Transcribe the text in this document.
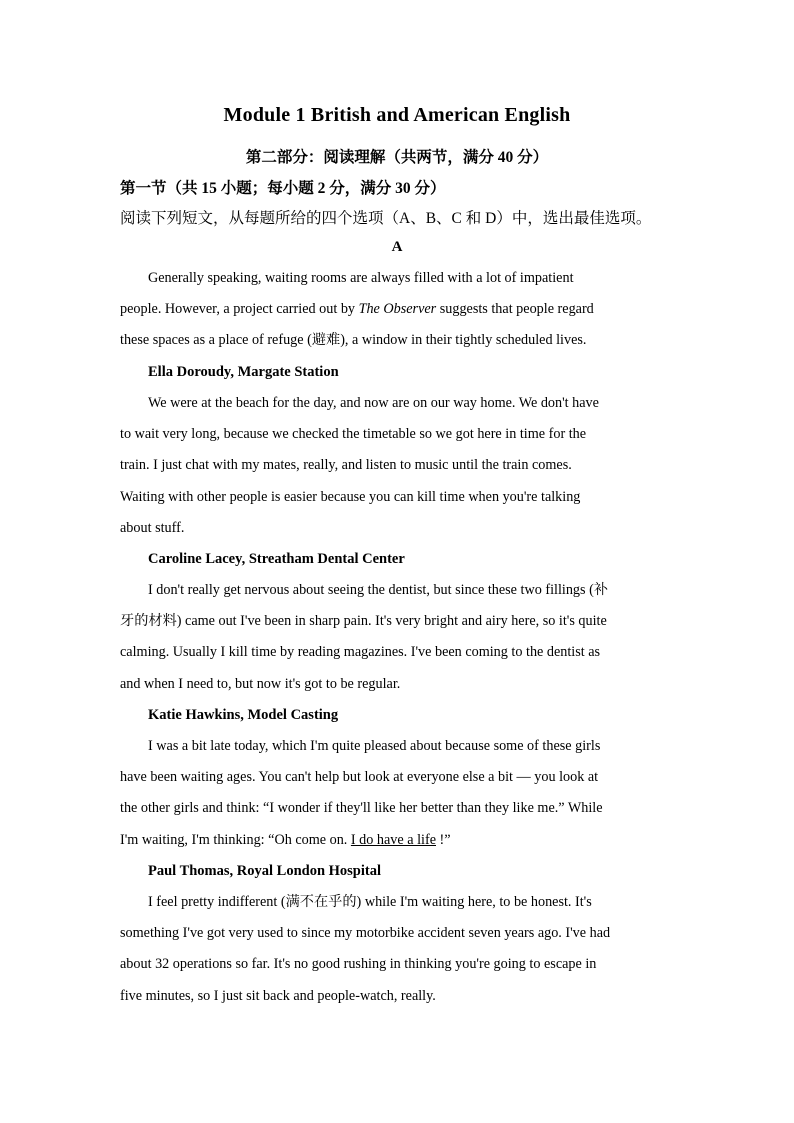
Module 1 British and American English
第二部分：阅读理解（共两节，满分 40 分）
第一节（共 15 小题；每小题 2 分，满分 30 分）
阅读下列短文，从每题所给的四个选项（A、B、C 和 D）中，选出最佳选项。
A
Generally speaking, waiting rooms are always filled with a lot of impatient
people. However, a project carried out by The Observer suggests that people regard
these spaces as a place of refuge (避难), a window in their tightly scheduled lives.
Ella Doroudy, Margate Station
We were at the beach for the day, and now are on our way home. We don't have
to wait very long, because we checked the timetable so we got here in time for the
train. I just chat with my mates, really, and listen to music until the train comes.
Waiting with other people is easier because you can kill time when you're talking
about stuff.
Caroline Lacey, Streatham Dental Center
I don't really get nervous about seeing the dentist, but since these two fillings (补
牙的材料) came out I've been in sharp pain. It's very bright and airy here, so it's quite
calming. Usually I kill time by reading magazines. I've been coming to the dentist as
and when I need to, but now it's got to be regular.
Katie Hawkins, Model Casting
I was a bit late today, which I'm quite pleased about because some of these girls
have been waiting ages. You can't help but look at everyone else a bit — you look at
the other girls and think: “I wonder if they'll like her better than they like me.” While
I'm waiting, I'm thinking: “Oh come on. I do have a life !”
Paul Thomas, Royal London Hospital
I feel pretty indifferent (满不在乎的) while I'm waiting here, to be honest. It's
something I've got very used to since my motorbike accident seven years ago. I've had
about 32 operations so far. It's no good rushing in thinking you're going to escape in
five minutes, so I just sit back and people-watch, really.
